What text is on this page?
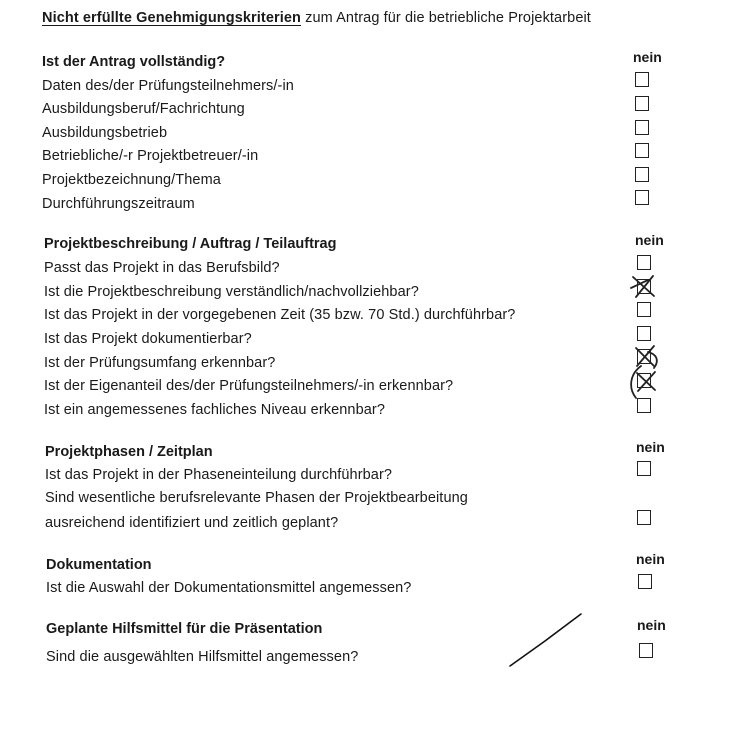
Nicht erfüllte Genehmigungskriterien zum Antrag für die betriebliche Projektarbeit
Ist der Antrag vollständig?	nein
Daten des/der Prüfungsteilnehmers/-in
Ausbildungsberuf/Fachrichtung
Ausbildungsbetrieb
Betriebliche/-r Projektbetreuer/-in
Projektbezeichnung/Thema
Durchführungszeitraum
Projektbeschreibung / Auftrag / Teilauftrag	nein
Passt das Projekt in das Berufsbild?
Ist die Projektbeschreibung verständlich/nachvollziehbar?
Ist das Projekt in der vorgegebenen Zeit (35 bzw. 70 Std.) durchführbar?
Ist das Projekt dokumentierbar?
Ist der Prüfungsumfang erkennbar?
Ist der Eigenanteil des/der Prüfungsteilnehmers/-in erkennbar?
Ist ein angemessenes fachliches Niveau erkennbar?
Projektphasen / Zeitplan	nein
Ist das Projekt in der Phaseneinteilung durchführbar?
Sind wesentliche berufsrelevante Phasen der Projektbearbeitung
ausreichend identifiziert und zeitlich geplant?
Dokumentation	nein
Ist die Auswahl der Dokumentationsmittel angemessen?
Geplante Hilfsmittel für die Präsentation	nein
Sind die ausgewählten Hilfsmittel angemessen?
